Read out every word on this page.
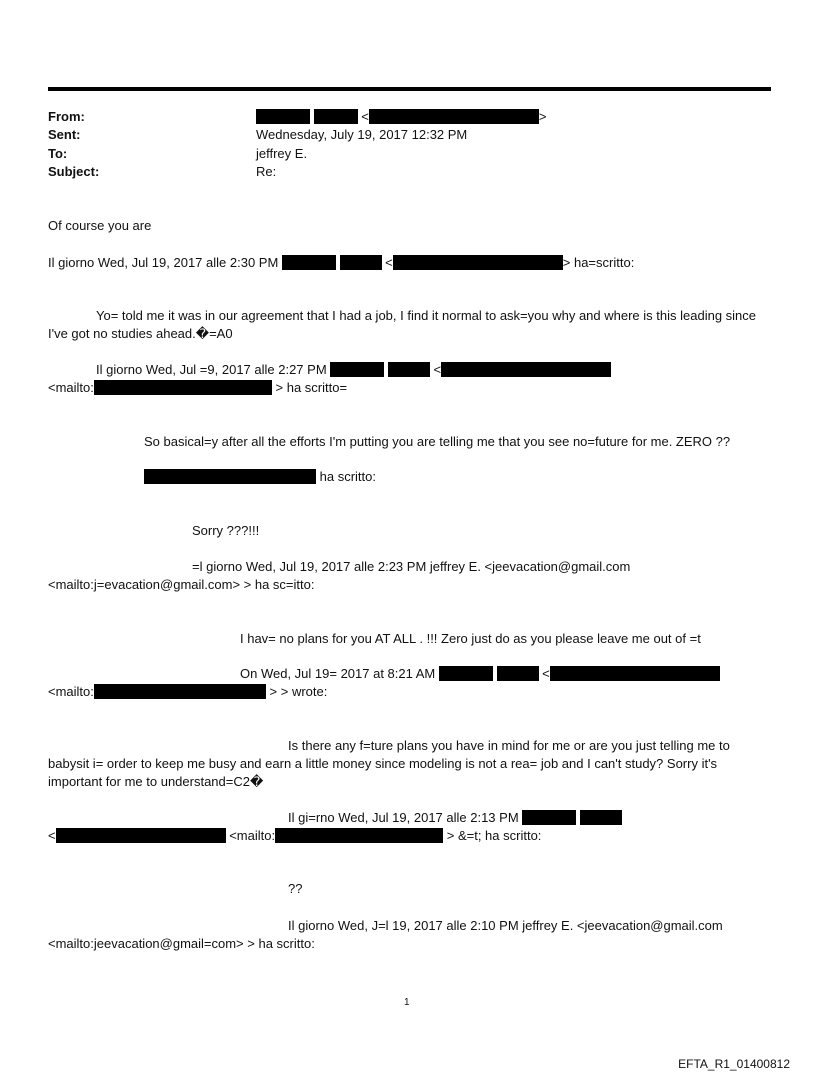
From:	<	>
Sent:	Wednesday, July 19, 2017 12:32 PM
To:	jeffrey E.
Subject:	Re:
Of course you are
Il giorno Wed, Jul 19, 2017 alle 2:30 PM	<	> ha=scritto:
Yo= told me it was in our agreement that I had a job, I find it normal to ask=you why and where is this leading since I've got no studies ahead.�=A0
Il giorno Wed, Jul =9, 2017 alle 2:27 PM	<
<mailto:	> ha scritto=
So basical=y after all the efforts I'm putting you are telling me that you see no=future for me. ZERO ??
ha scritto:
Sorry ???!!!
=l giorno Wed, Jul 19, 2017 alle 2:23 PM jeffrey E. <jeevacation@gmail.com
<mailto:j=evacation@gmail.com> > ha sc=itto:
I hav= no plans for you AT ALL . !!! Zero just do as you please leave me out of =t
On Wed, Jul 19= 2017 at 8:21 AM	<
<mailto:	> > wrote:
Is there any f=ture plans you have in mind for me or are you just telling me to babysit i= order to keep me busy and earn a little money since modeling is not a rea= job and I can't study? Sorry it's important for me to understand=C2�
Il gi=rno Wed, Jul 19, 2017 alle 2:13 PM
<	<mailto:	> &=t; ha scritto:
??
Il giorno Wed, J=l 19, 2017 alle 2:10 PM jeffrey E. <jeevacation@gmail.com
<mailto:jeevacation@gmail=com> > ha scritto:
1
EFTA_R1_01400812
